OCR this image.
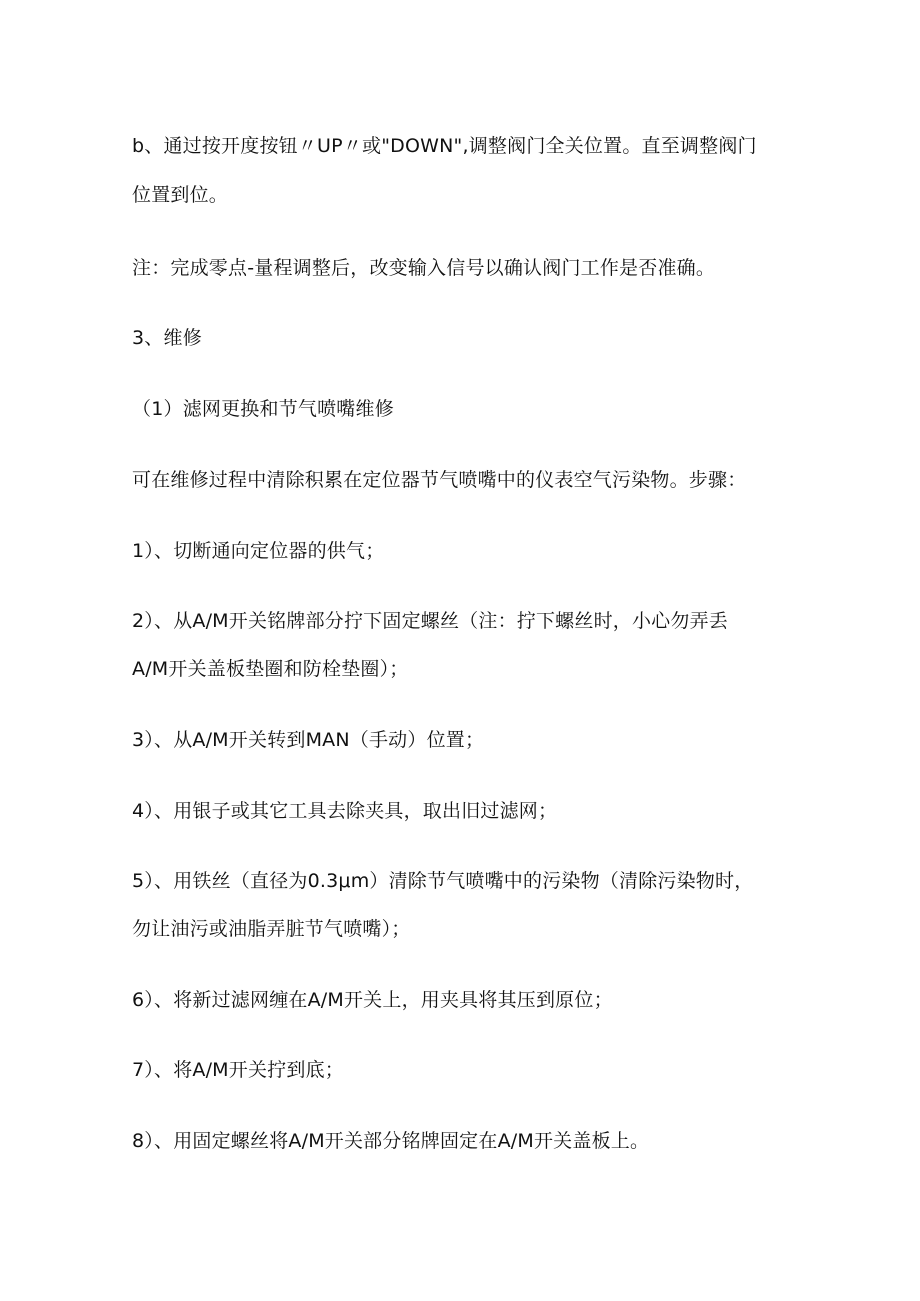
b、通过按开度按钮〃UP〃或"DOWN",调整阀门全关位置。直至调整阀门
位置到位。
注：完成零点-量程调整后，改变输入信号以确认阀门工作是否准确。
3、维修
（1）滤网更换和节气喷嘴维修
可在维修过程中清除积累在定位器节气喷嘴中的仪表空气污染物。步骤：
1）、切断通向定位器的供气；
2）、从A/M开关铭牌部分拧下固定螺丝（注：拧下螺丝时，小心勿弄丢
A/M开关盖板垫圈和防栓垫圈）；
3）、从A/M开关转到MAN（手动）位置；
4）、用银子或其它工具去除夹具，取出旧过滤网；
5）、用铁丝（直径为0.3μm）清除节气喷嘴中的污染物（清除污染物时，
勿让油污或油脂弄脏节气喷嘴）；
6）、将新过滤网缠在A/M开关上，用夹具将其压到原位；
7）、将A/M开关拧到底；
8）、用固定螺丝将A/M开关部分铭牌固定在A/M开关盖板上。
